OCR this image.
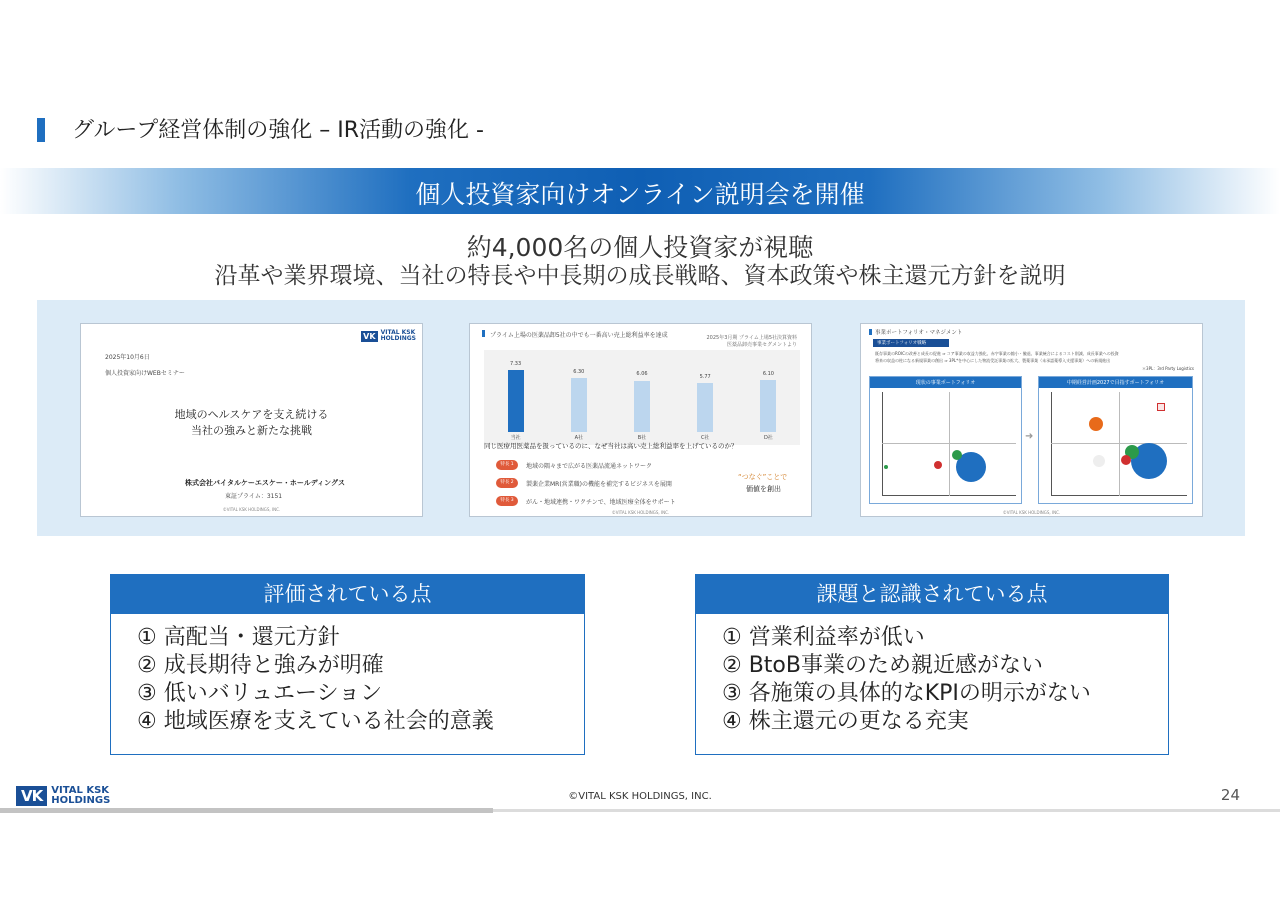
グループ経営体制の強化 – IR活動の強化 -
個人投資家向けオンライン説明会を開催
約4,000名の個人投資家が視聴
沿革や業界環境、当社の特長や中長期の成長戦略、資本政策や株主還元方針を説明
VK VITAL KSK
HOLDINGS
2025年10月6日
個人投資家向けWEBセミナー
地域のヘルスケアを支え続ける
当社の強みと新たな挑戦
株式会社バイタルケーエスケー・ホールディングス
東証プライム：3151
©VITAL KSK HOLDINGS, INC.
プライム上場の医薬品卸5社の中でも一番高い売上総利益率を達成	2025年3月期 プライム上場5社決算資料
医薬品卸売事業セグメントより
7.33
6.30	6.06	5.77	6.10
当社	A社	B社	C社	D社
同じ医療用医薬品を扱っているのに、なぜ当社は高い売上総利益率を上げているのか？
特長 1	地域の隅々まで広がる医薬品流通ネットワーク
特長 2	製薬企業MR(営業職)の機能を補完するビジネスを展開
特長 3	がん・地域連携・ワクチンで、地域医療全体をサポート
“つなぐ”ことで
価値を創出
©VITAL KSK HOLDINGS, INC.
事業ポートフォリオ・マネジメント
事業ポートフォリオ戦略
既存事業のROICの改善と成長の促進 ⇒ コア事業の収益力強化、赤字事業の縮小・撤退、事業統合によるコスト削減、成長事業への投資
将来の収益の柱になる新規事業の創出 ⇒ 3PL*を中心にした物流受託事業の拡大、製薬事業（未承認薬導入支援事業）への新規進出
＊3PL：3rd Party Logistics
現状の事業ポートフォリオ
➜
中期経営計画2027で目指すポートフォリオ
©VITAL KSK HOLDINGS, INC.
評価されている点
① 高配当・還元方針
② 成長期待と強みが明確
③ 低いバリュエーション
④ 地域医療を支えている社会的意義
課題と認識されている点
① 営業利益率が低い
② BtoB事業のため親近感がない
③ 各施策の具体的なKPIの明示がない
④ 株主還元の更なる充実
VK VITAL KSK
HOLDINGS	©VITAL KSK HOLDINGS, INC.	24
